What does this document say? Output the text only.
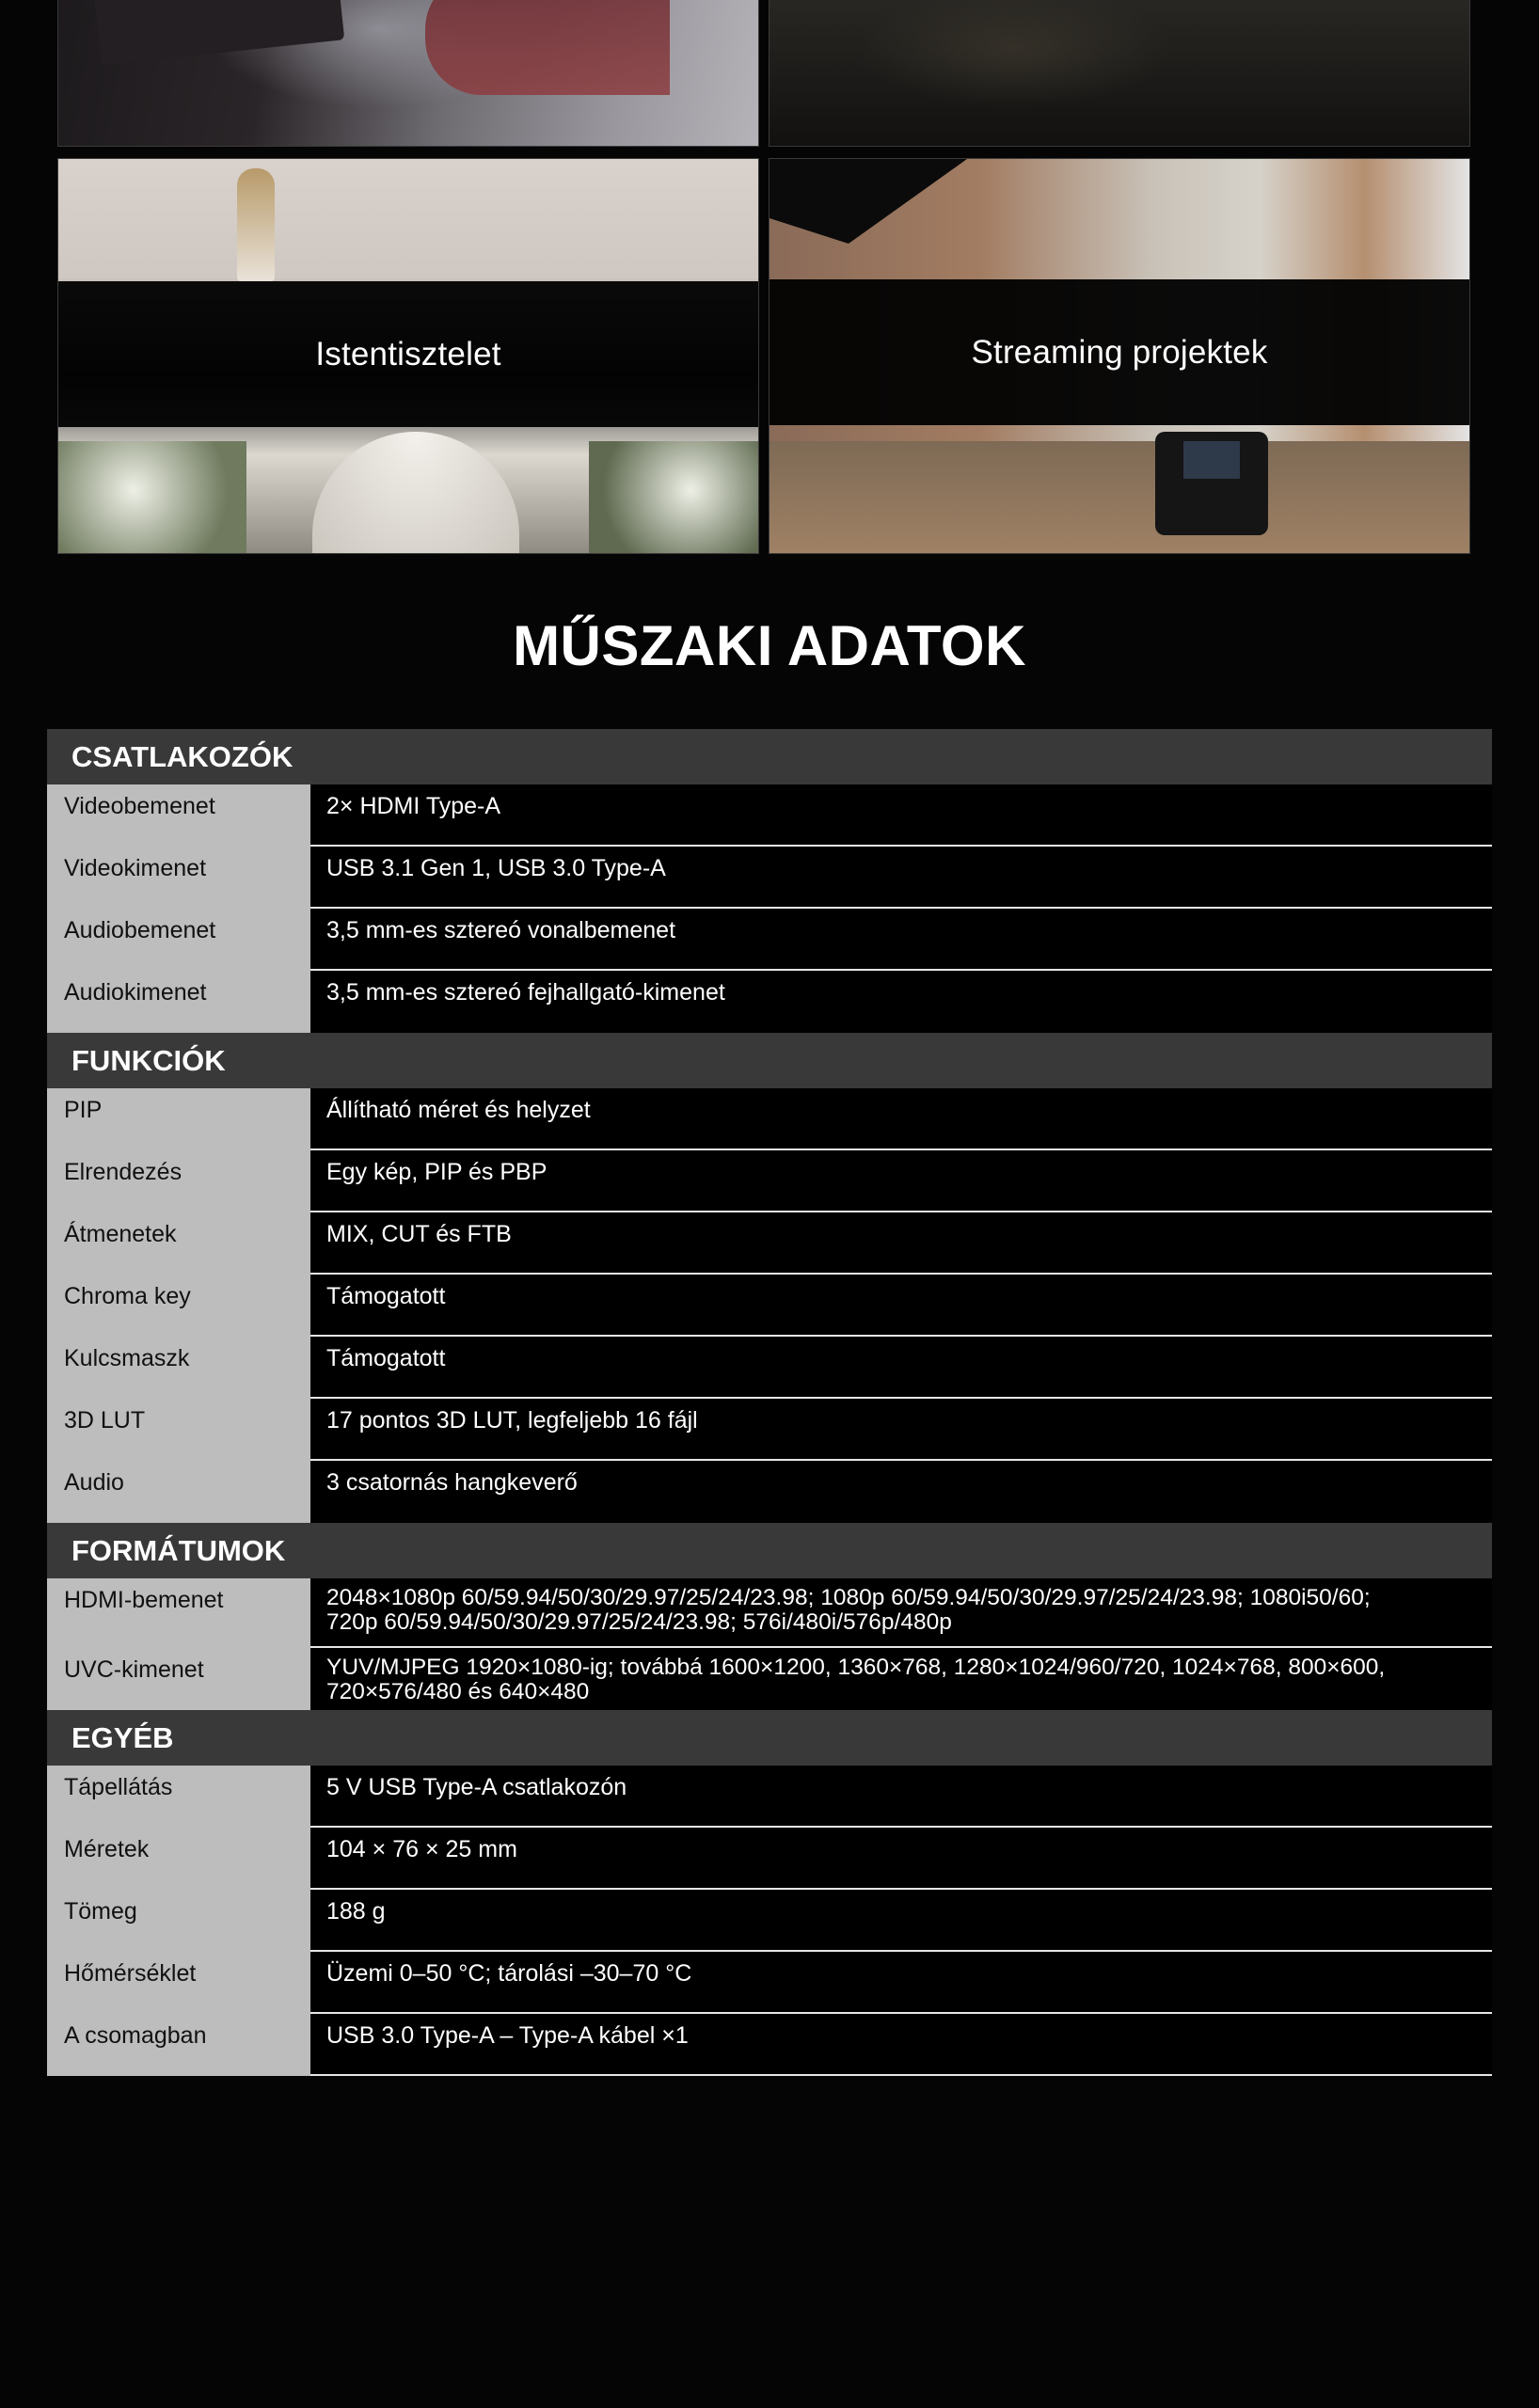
Istentisztelet	Streaming projektek
MŰSZAKI ADATOK
CSATLAKOZÓK
Videobemenet	2× HDMI Type-A
Videokimenet	USB 3.1 Gen 1, USB 3.0 Type-A
Audiobemenet	3,5 mm-es sztereó vonalbemenet
Audiokimenet	3,5 mm-es sztereó fejhallgató-kimenet
FUNKCIÓK
PIP	Állítható méret és helyzet
Elrendezés	Egy kép, PIP és PBP
Átmenetek	MIX, CUT és FTB
Chroma key	Támogatott
Kulcsmaszk	Támogatott
3D LUT	17 pontos 3D LUT, legfeljebb 16 fájl
Audio	3 csatornás hangkeverő
FORMÁTUMOK
HDMI-bemenet	2048×1080p 60/59.94/50/30/29.97/25/24/23.98; 1080p 60/59.94/50/30/29.97/25/24/23.98; 1080i50/60;
720p 60/59.94/50/30/29.97/25/24/23.98; 576i/480i/576p/480p
UVC-kimenet	YUV/MJPEG 1920×1080-ig; továbbá 1600×1200, 1360×768, 1280×1024/960/720, 1024×768, 800×600,
720×576/480 és 640×480
EGYÉB
Tápellátás	5 V USB Type-A csatlakozón
Méretek	104 × 76 × 25 mm
Tömeg	188 g
Hőmérséklet	Üzemi 0–50 °C; tárolási –30–70 °C
A csomagban	USB 3.0 Type-A – Type-A kábel ×1
